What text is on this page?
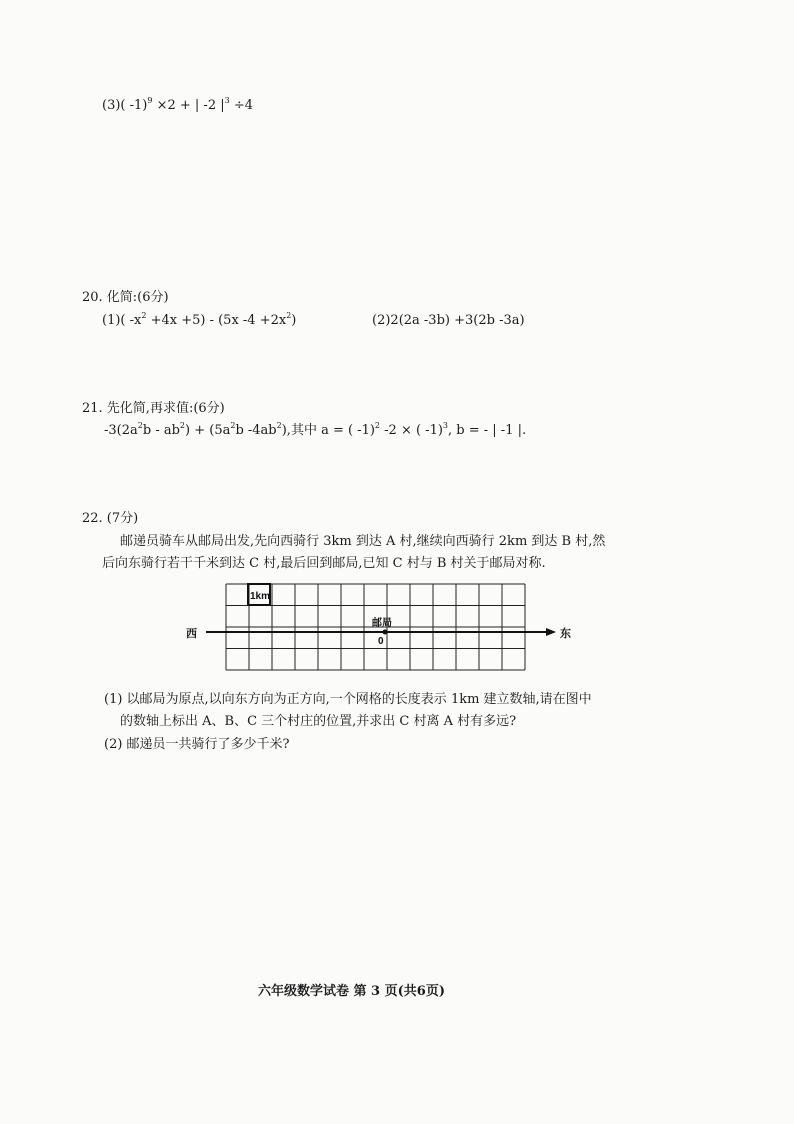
(3)( -1)$^9$ ×2 + | -2 $|^3 \div 4$
20. 化简:(6分)
(1)( $-x^2 +4x +5) - (5x$ $-4 +2x^2$)	(2)2(2a -3b) +3(2b -3a)
21. 先化简,再求值:(6分)
$-3(2a^2b - ab^2) + (5a^2b$ $-4ab^2$),其中 a = ( -1)$^2$ -2 × ( -1)$^3$, b = - | -1 |.
22. (7分)
邮递员骑车从邮局出发,先向西骑行 3km 到达 A 村,继续向西骑行 2km 到达 B 村,然
后向东骑行若干千米到达 C 村,最后回到邮局,已知 C 村与 B 村关于邮局对称.
1km
西	东
邮局
0
(1) 以邮局为原点,以向东方向为正方向,一个网格的长度表示 1km 建立数轴,请在图中
的数轴上标出 A、B、C 三个村庄的位置,并求出 C 村离 A 村有多远?
(2) 邮递员一共骑行了多少千米?
六年级数学试卷 第 3 页(共6页)
